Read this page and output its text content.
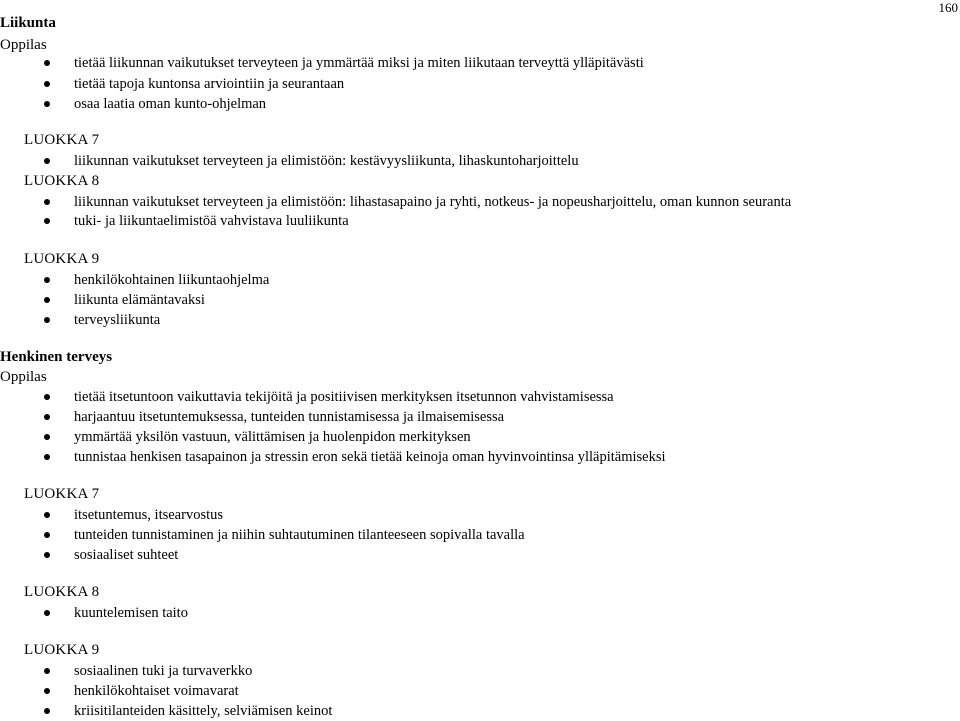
160
Liikunta
Oppilas
tietää liikunnan vaikutukset terveyteen ja ymmärtää miksi ja miten liikutaan terveyttä ylläpitävästi
tietää tapoja kuntonsa arviointiin ja seurantaan
osaa laatia oman kunto-ohjelman
LUOKKA 7
liikunnan vaikutukset terveyteen ja elimistöön: kestävyysliikunta, lihaskuntoharjoittelu
LUOKKA 8
liikunnan vaikutukset terveyteen ja elimistöön: lihastasapaino ja ryhti, notkeus- ja nopeusharjoittelu, oman kunnon seuranta
tuki- ja liikuntaelimistöä vahvistava luuliikunta
LUOKKA 9
henkilökohtainen liikuntaohjelma
liikunta elämäntavaksi
terveysliikunta
Henkinen terveys
Oppilas
tietää itsetuntoon vaikuttavia tekijöitä ja positiivisen merkityksen itsetunnon vahvistamisessa
harjaantuu itsetuntemuksessa, tunteiden tunnistamisessa ja ilmaisemisessa
ymmärtää yksilön vastuun, välittämisen ja huolenpidon merkityksen
tunnistaa henkisen tasapainon ja stressin eron sekä tietää keinoja oman hyvinvointinsa ylläpitämiseksi
LUOKKA 7
itsetuntemus, itsearvostus
tunteiden tunnistaminen ja niihin suhtautuminen tilanteeseen sopivalla tavalla
sosiaaliset suhteet
LUOKKA 8
kuuntelemisen taito
LUOKKA 9
sosiaalinen tuki ja turvaverkko
henkilökohtaiset voimavarat
kriisitilanteiden käsittely, selviämisen keinot
